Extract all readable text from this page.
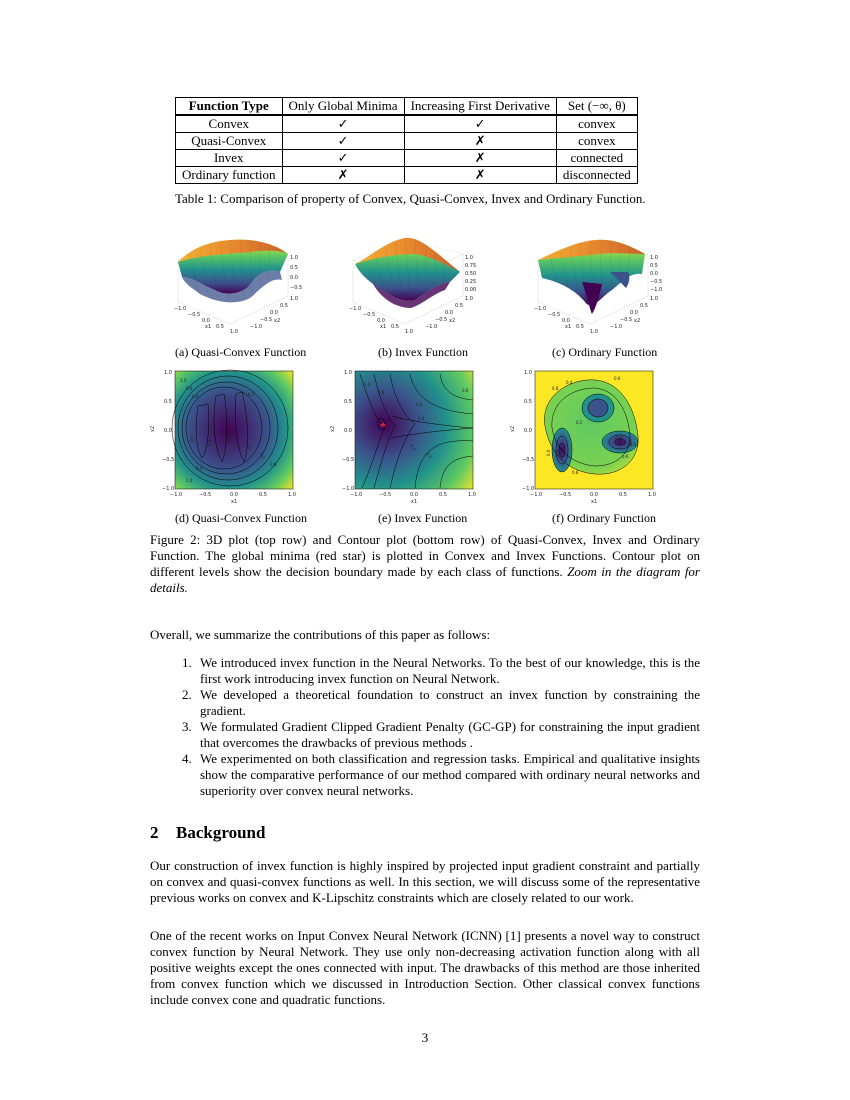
Function Type	Only Global Minima	Increasing First Derivative	Set (−∞, θ)
Convex	✓	✓	convex
Quasi-Convex	✓	✗	convex
Invex	✓	✗	connected
Ordinary function	✗	✗	disconnected
Table 1: Comparison of property of Convex, Quasi-Convex, Invex and Ordinary Function.
1.0
0.5
0.0
−0.5
−1.0
−0.5
0.0
0.5
1.0
x1
1.0
0.5
0.0
−0.5
−1.0
x2
1.0
0.75
0.50
0.25
0.00
−1.0
−0.5
0.0
0.5
1.0
x1
1.0
0.5
0.0
−0.5
−1.0
x2
1.0
0.5
0.0
−0.5
−1.0
−1.0
−0.5
0.0
0.5
1.0
x1
1.0
0.5
0.0
−0.5
−1.0
x2
(a) Quasi-Convex Function	(b) Invex Function	(c) Ordinary Function
1.0
0.6
0.4	0.2
-0.6
-0.4
-0.2
0.0
0.2
0.4
0.6
1.0
1.0
0.5
0.0
−0.5
−1.0
x2
−1.0	−0.5	0.0	0.5	1.0
x1
1.0
0.8
0.6
0.4
0.3
0.2
0.6
1.0
0.5
0.0
−0.5
−1.0
x2
−1.0	−0.5	0.0	0.5	1.0
x1
0.8
0.4
0.6
0.2
0.0 -0.6
-0.8
-0.4
0.6
0.8
1.0
0.5
0.0
−0.5
−1.0
x2
−1.0	−0.5	0.0	0.5	1.0
x1
(d) Quasi-Convex Function	(e) Invex Function	(f) Ordinary Function
Figure 2: 3D plot (top row) and Contour plot (bottom row) of Quasi-Convex, Invex and Ordinary Function. The global minima (red star) is plotted in Convex and Invex Functions. Contour plot on different levels show the decision boundary made by each class of functions. Zoom in the diagram for details.
Overall, we summarize the contributions of this paper as follows:
1. We introduced invex function in the Neural Networks. To the best of our knowledge, this is the first work introducing invex function on Neural Network.
2. We developed a theoretical foundation to construct an invex function by constraining the gradient.
3. We formulated Gradient Clipped Gradient Penalty (GC-GP) for constraining the input gradient that overcomes the drawbacks of previous methods .
4. We experimented on both classification and regression tasks. Empirical and qualitative insights show the comparative performance of our method compared with ordinary neural networks and superiority over convex neural networks.
2 Background
Our construction of invex function is highly inspired by projected input gradient constraint and partially on convex and quasi-convex functions as well. In this section, we will discuss some of the representative previous works on convex and K-Lipschitz constraints which are closely related to our work.
One of the recent works on Input Convex Neural Network (ICNN) [1] presents a novel way to construct convex function by Neural Network. They use only non-decreasing activation function along with all positive weights except the ones connected with input. The drawbacks of this method are those inherited from convex function which we discussed in Introduction Section. Other classical convex functions include convex cone and quadratic functions.
3
